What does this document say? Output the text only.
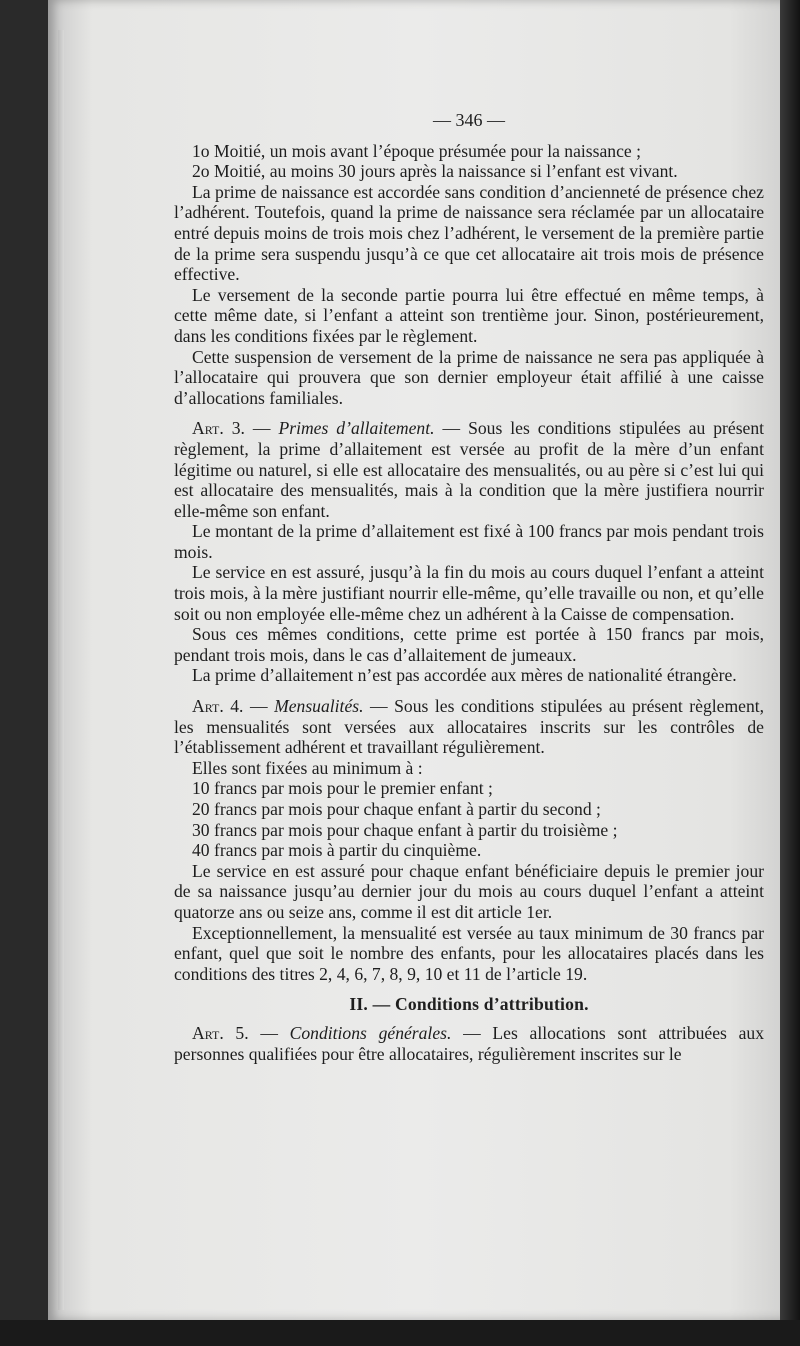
— 346 —

1o Moitié, un mois avant l’époque présumée pour la naissance ;

2o Moitié, au moins 30 jours après la naissance si l’enfant est vivant.

La prime de naissance est accordée sans condition d’ancienneté de présence chez l’adhérent. Toutefois, quand la prime de naissance sera réclamée par un allocataire entré depuis moins de trois mois chez l’adhérent, le versement de la première partie de la prime sera suspendu jusqu’à ce que cet allocataire ait trois mois de présence effective.

Le versement de la seconde partie pourra lui être effectué en même temps, à cette même date, si l’enfant a atteint son trentième jour. Sinon, postérieurement, dans les conditions fixées par le règlement.

Cette suspension de versement de la prime de naissance ne sera pas appliquée à l’allocataire qui prouvera que son dernier employeur était affilié à une caisse d’allocations familiales.

Art. 3. — Primes d’allaitement. — Sous les conditions stipulées au présent règlement, la prime d’allaitement est versée au profit de la mère d’un enfant légitime ou naturel, si elle est allocataire des mensualités, ou au père si c’est lui qui est allocataire des mensualités, mais à la condition que la mère justifiera nourrir elle-même son enfant.

Le montant de la prime d’allaitement est fixé à 100 francs par mois pendant trois mois.

Le service en est assuré, jusqu’à la fin du mois au cours duquel l’enfant a atteint trois mois, à la mère justifiant nourrir elle-même, qu’elle travaille ou non, et qu’elle soit ou non employée elle-même chez un adhérent à la Caisse de compensation.

Sous ces mêmes conditions, cette prime est portée à 150 francs par mois, pendant trois mois, dans le cas d’allaitement de jumeaux.

La prime d’allaitement n’est pas accordée aux mères de nationalité étrangère.

Art. 4. — Mensualités. — Sous les conditions stipulées au présent règlement, les mensualités sont versées aux allocataires inscrits sur les contrôles de l’établissement adhérent et travaillant régulièrement.

Elles sont fixées au minimum à :

10 francs par mois pour le premier enfant ;

20 francs par mois pour chaque enfant à partir du second ;

30 francs par mois pour chaque enfant à partir du troisième ;

40 francs par mois à partir du cinquième.

Le service en est assuré pour chaque enfant bénéficiaire depuis le premier jour de sa naissance jusqu’au dernier jour du mois au cours duquel l’enfant a atteint quatorze ans ou seize ans, comme il est dit article 1er.

Exceptionnellement, la mensualité est versée au taux minimum de 30 francs par enfant, quel que soit le nombre des enfants, pour les allocataires placés dans les conditions des titres 2, 4, 6, 7, 8, 9, 10 et 11 de l’article 19.

II. — Conditions d’attribution.

Art. 5. — Conditions générales. — Les allocations sont attribuées aux personnes qualifiées pour être allocataires, régulièrement inscrites sur le
